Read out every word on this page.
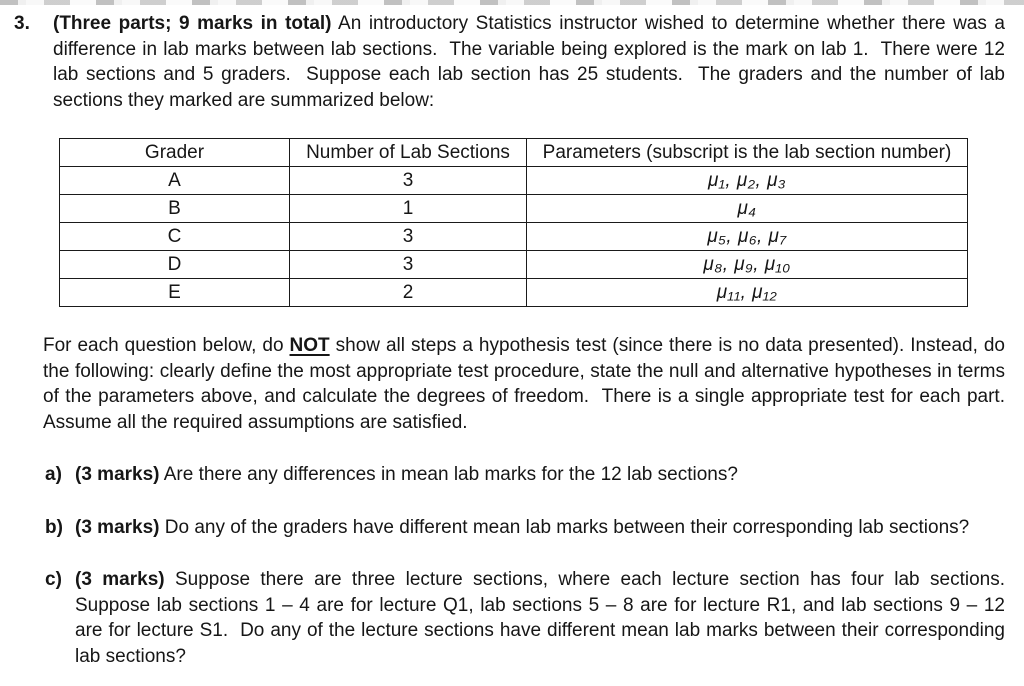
3.	(Three parts; 9 marks in total) An introductory Statistics instructor wished to determine whether there was a difference in lab marks between lab sections.  The variable being explored is the mark on lab 1.  There were 12 lab sections and 5 graders.  Suppose each lab section has 25 students.  The graders and the number of lab sections they marked are summarized below:
Grader	Number of Lab Sections	Parameters (subscript is the lab section number)
A	3	μ₁, μ₂, μ₃
B	1	μ₄
C	3	μ₅, μ₆, μ₇
D	3	μ₈, μ₉, μ₁₀
E	2	μ₁₁, μ₁₂
For each question below, do NOT show all steps a hypothesis test (since there is no data presented). Instead, do the following: clearly define the most appropriate test procedure, state the null and alternative hypotheses in terms of the parameters above, and calculate the degrees of freedom.  There is a single appropriate test for each part.  Assume all the required assumptions are satisfied.
a) (3 marks) Are there any differences in mean lab marks for the 12 lab sections?
b) (3 marks) Do any of the graders have different mean lab marks between their corresponding lab sections?
c) (3 marks) Suppose there are three lecture sections, where each lecture section has four lab sections. Suppose lab sections 1 – 4 are for lecture Q1, lab sections 5 – 8 are for lecture R1, and lab sections 9 – 12 are for lecture S1.  Do any of the lecture sections have different mean lab marks between their corresponding lab sections?
